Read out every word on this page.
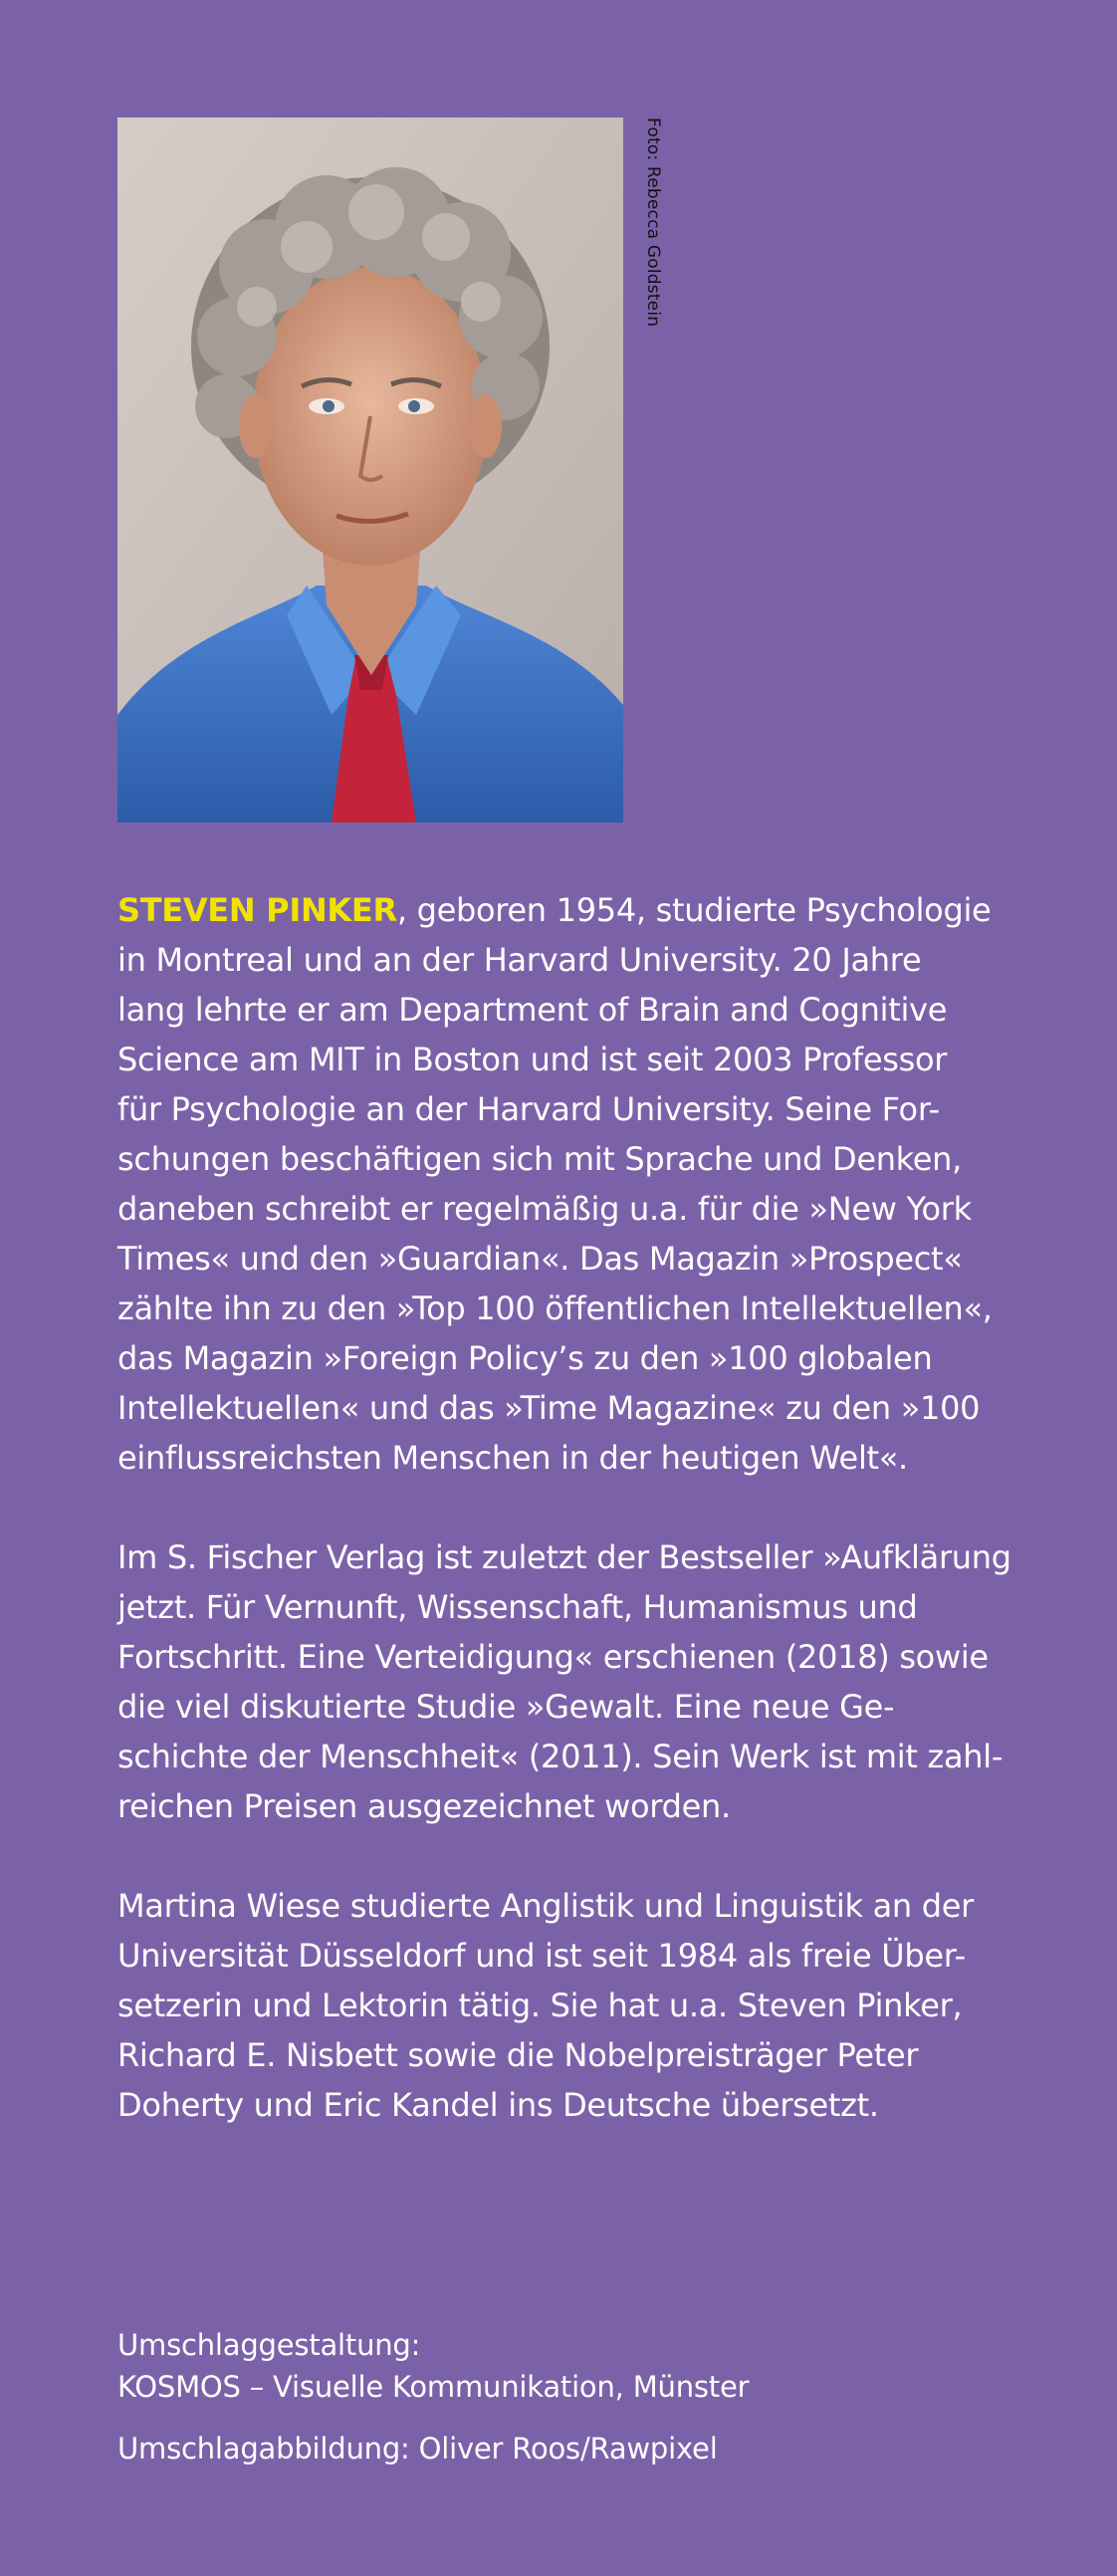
Foto: Rebecca Goldstein
STEVEN PINKER, geboren 1954, studierte Psychologie
in Montreal und an der Harvard University. 20 Jahre
lang lehrte er am Department of Brain and Cognitive
Science am MIT in Boston und ist seit 2003 Professor
für Psychologie an der Harvard University. Seine For-
schungen beschäftigen sich mit Sprache und Denken,
daneben schreibt er regelmäßig u.a. für die »New York
Times« und den »Guardian«. Das Magazin »Prospect«
zählte ihn zu den »Top 100 öffentlichen Intellektuellen«,
das Magazin »Foreign Policy’s zu den »100 globalen
Intellektuellen« und das »Time Magazine« zu den »100
einflussreichsten Menschen in der heutigen Welt«.
Im S. Fischer Verlag ist zuletzt der Bestseller »Aufklärung
jetzt. Für Vernunft, Wissenschaft, Humanismus und
Fortschritt. Eine Verteidigung« erschienen (2018) sowie
die viel diskutierte Studie »Gewalt. Eine neue Ge-
schichte der Menschheit« (2011). Sein Werk ist mit zahl-
reichen Preisen ausgezeichnet worden.
Martina Wiese studierte Anglistik und Linguistik an der
Universität Düsseldorf und ist seit 1984 als freie Über-
setzerin und Lektorin tätig. Sie hat u.a. Steven Pinker,
Richard E. Nisbett sowie die Nobelpreisträger Peter
Doherty und Eric Kandel ins Deutsche übersetzt.
Umschlaggestaltung:
KOSMOS – Visuelle Kommunikation, Münster
Umschlagabbildung: Oliver Roos/Rawpixel
